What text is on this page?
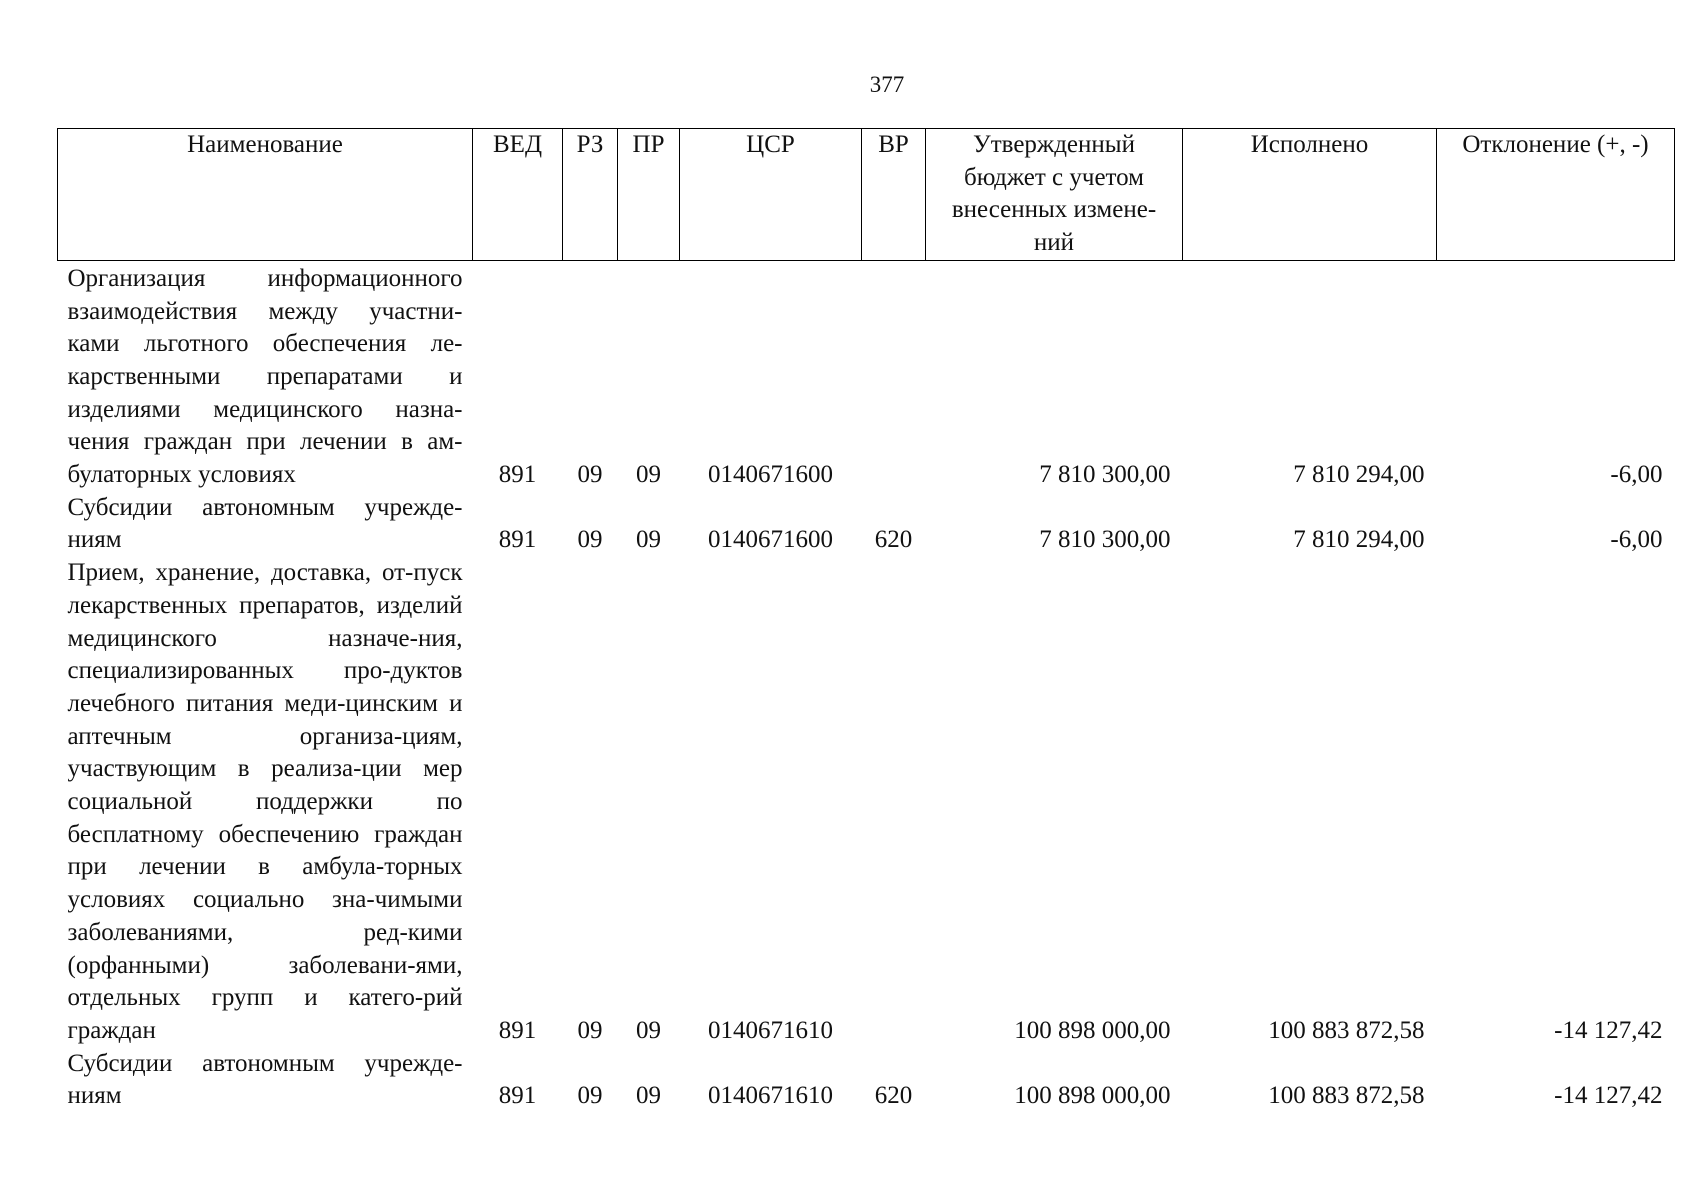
377
Наименование	ВЕД	РЗ	ПР	ЦСР	ВР	Утвержденный бюджет с учетом внесенных измене-ний	Исполнено	Отклонение (+, -)
Организация информационного взаимодействия между участни-ками льготного обеспечения ле-карственными препаратами и изделиями медицинского назна-чения граждан при лечении в ам-булаторных условиях	891	09	09	0140671600		7 810 300,00	7 810 294,00	-6,00
Субсидии автономным учрежде-ниям	891	09	09	0140671600	620	7 810 300,00	7 810 294,00	-6,00
Прием, хранение, доставка, от-пуск лекарственных препаратов, изделий медицинского назначе-ния, специализированных про-дуктов лечебного питания меди-цинским и аптечным организа-циям, участвующим в реализа-ции мер социальной поддержки по бесплатному обеспечению граждан при лечении в амбула-торных условиях социально зна-чимыми заболеваниями, ред-кими (орфанными) заболевани-ями, отдельных групп и катего-рий граждан	891	09	09	0140671610		100 898 000,00	100 883 872,58	-14 127,42
Субсидии автономным учрежде-ниям	891	09	09	0140671610	620	100 898 000,00	100 883 872,58	-14 127,42
